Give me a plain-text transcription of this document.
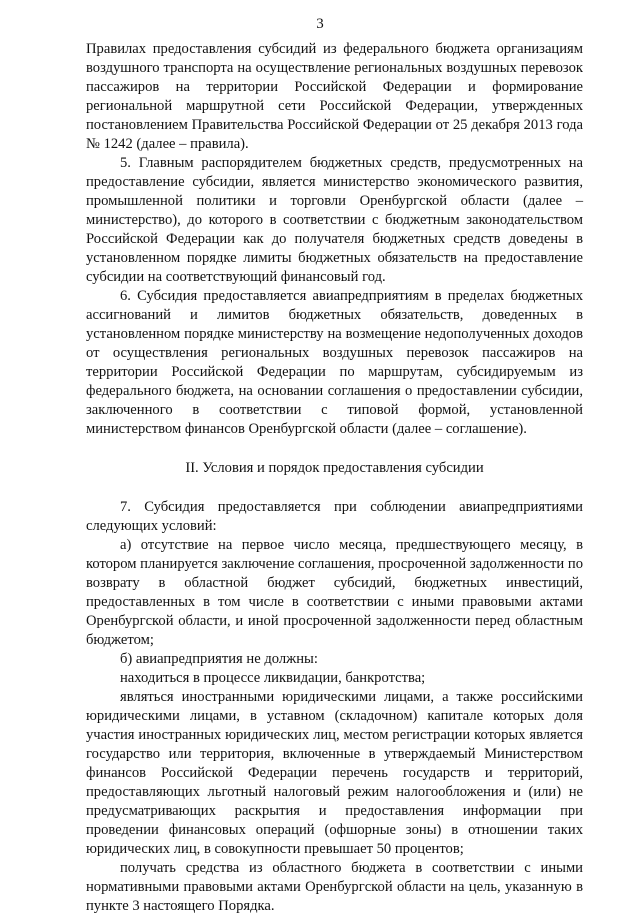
3

Правилах предоставления субсидий из федерального бюджета организациям воздушного транспорта на осуществление региональных воздушных перевозок пассажиров на территории Российской Федерации и формирование региональной маршрутной сети Российской Федерации, утвержденных постановлением Правительства Российской Федерации от 25 декабря 2013 года № 1242 (далее – правила).

5. Главным распорядителем бюджетных средств, предусмотренных на предоставление субсидии, является министерство экономического развития, промышленной политики и торговли Оренбургской области (далее – министерство), до которого в соответствии с бюджетным законодательством Российской Федерации как до получателя бюджетных средств доведены в установленном порядке лимиты бюджетных обязательств на предоставление субсидии на соответствующий финансовый год.

6. Субсидия предоставляется авиапредприятиям в пределах бюджетных ассигнований и лимитов бюджетных обязательств, доведенных в установленном порядке министерству на возмещение недополученных доходов от осуществления региональных воздушных перевозок пассажиров на территории Российской Федерации по маршрутам, субсидируемым из федерального бюджета, на основании соглашения о предоставлении субсидии, заключенного в соответствии с типовой формой, установленной министерством финансов Оренбургской области (далее – соглашение).

II. Условия и порядок предоставления субсидии

7. Субсидия предоставляется при соблюдении авиапредприятиями следующих условий:

а) отсутствие на первое число месяца, предшествующего месяцу, в котором планируется заключение соглашения, просроченной задолженности по возврату в областной бюджет субсидий, бюджетных инвестиций, предоставленных в том числе в соответствии с иными правовыми актами Оренбургской области, и иной просроченной задолженности перед областным бюджетом;

б) авиапредприятия не должны:

находиться в процессе ликвидации, банкротства;

являться иностранными юридическими лицами, а также российскими юридическими лицами, в уставном (складочном) капитале которых доля участия иностранных юридических лиц, местом регистрации которых является государство или территория, включенные в утверждаемый Министерством финансов Российской Федерации перечень государств и территорий, предоставляющих льготный налоговый режим налогообложения и (или) не предусматривающих раскрытия и предоставления информации при проведении финансовых операций (офшорные зоны) в отношении таких юридических лиц, в совокупности превышает 50 процентов;

получать средства из областного бюджета в соответствии с иными нормативными правовыми актами Оренбургской области на цель, указанную в пункте 3 настоящего Порядка.
